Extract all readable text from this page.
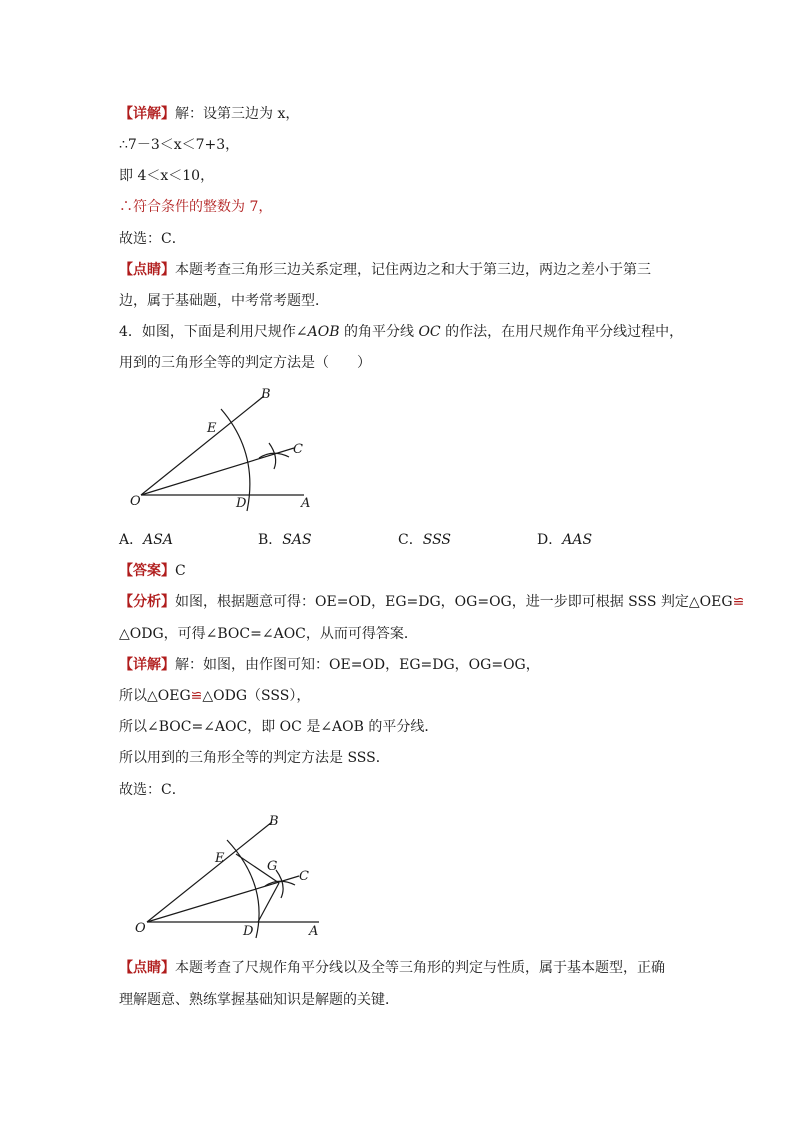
【详解】解：设第三边为 x，
∴7－3＜x＜7+3，
即 4＜x＜10，
∴符合条件的整数为 7，
故选：C．
【点睛】本题考查三角形三边关系定理，记住两边之和大于第三边，两边之差小于第三
边，属于基础题，中考常考题型．
4．如图，下面是利用尺规作∠AOB 的角平分线 OC 的作法，在用尺规作角平分线过程中，
用到的三角形全等的判定方法是（　　）
B
E
C
O	D	A
A．ASA	B．SAS	C．SSS	D．AAS
【答案】C
【分析】如图，根据题意可得：OE=OD，EG=DG，OG=OG，进一步即可根据 SSS 判定△OEG≌
△ODG，可得∠BOC=∠AOC，从而可得答案．
【详解】解：如图，由作图可知：OE=OD，EG=DG，OG=OG，
所以△OEG≌△ODG（SSS），
所以∠BOC=∠AOC，即 OC 是∠AOB 的平分线．
所以用到的三角形全等的判定方法是 SSS．
故选：C．
B
E
G
C
O	D	A
【点睛】本题考查了尺规作角平分线以及全等三角形的判定与性质，属于基本题型，正确
理解题意、熟练掌握基础知识是解题的关键．
